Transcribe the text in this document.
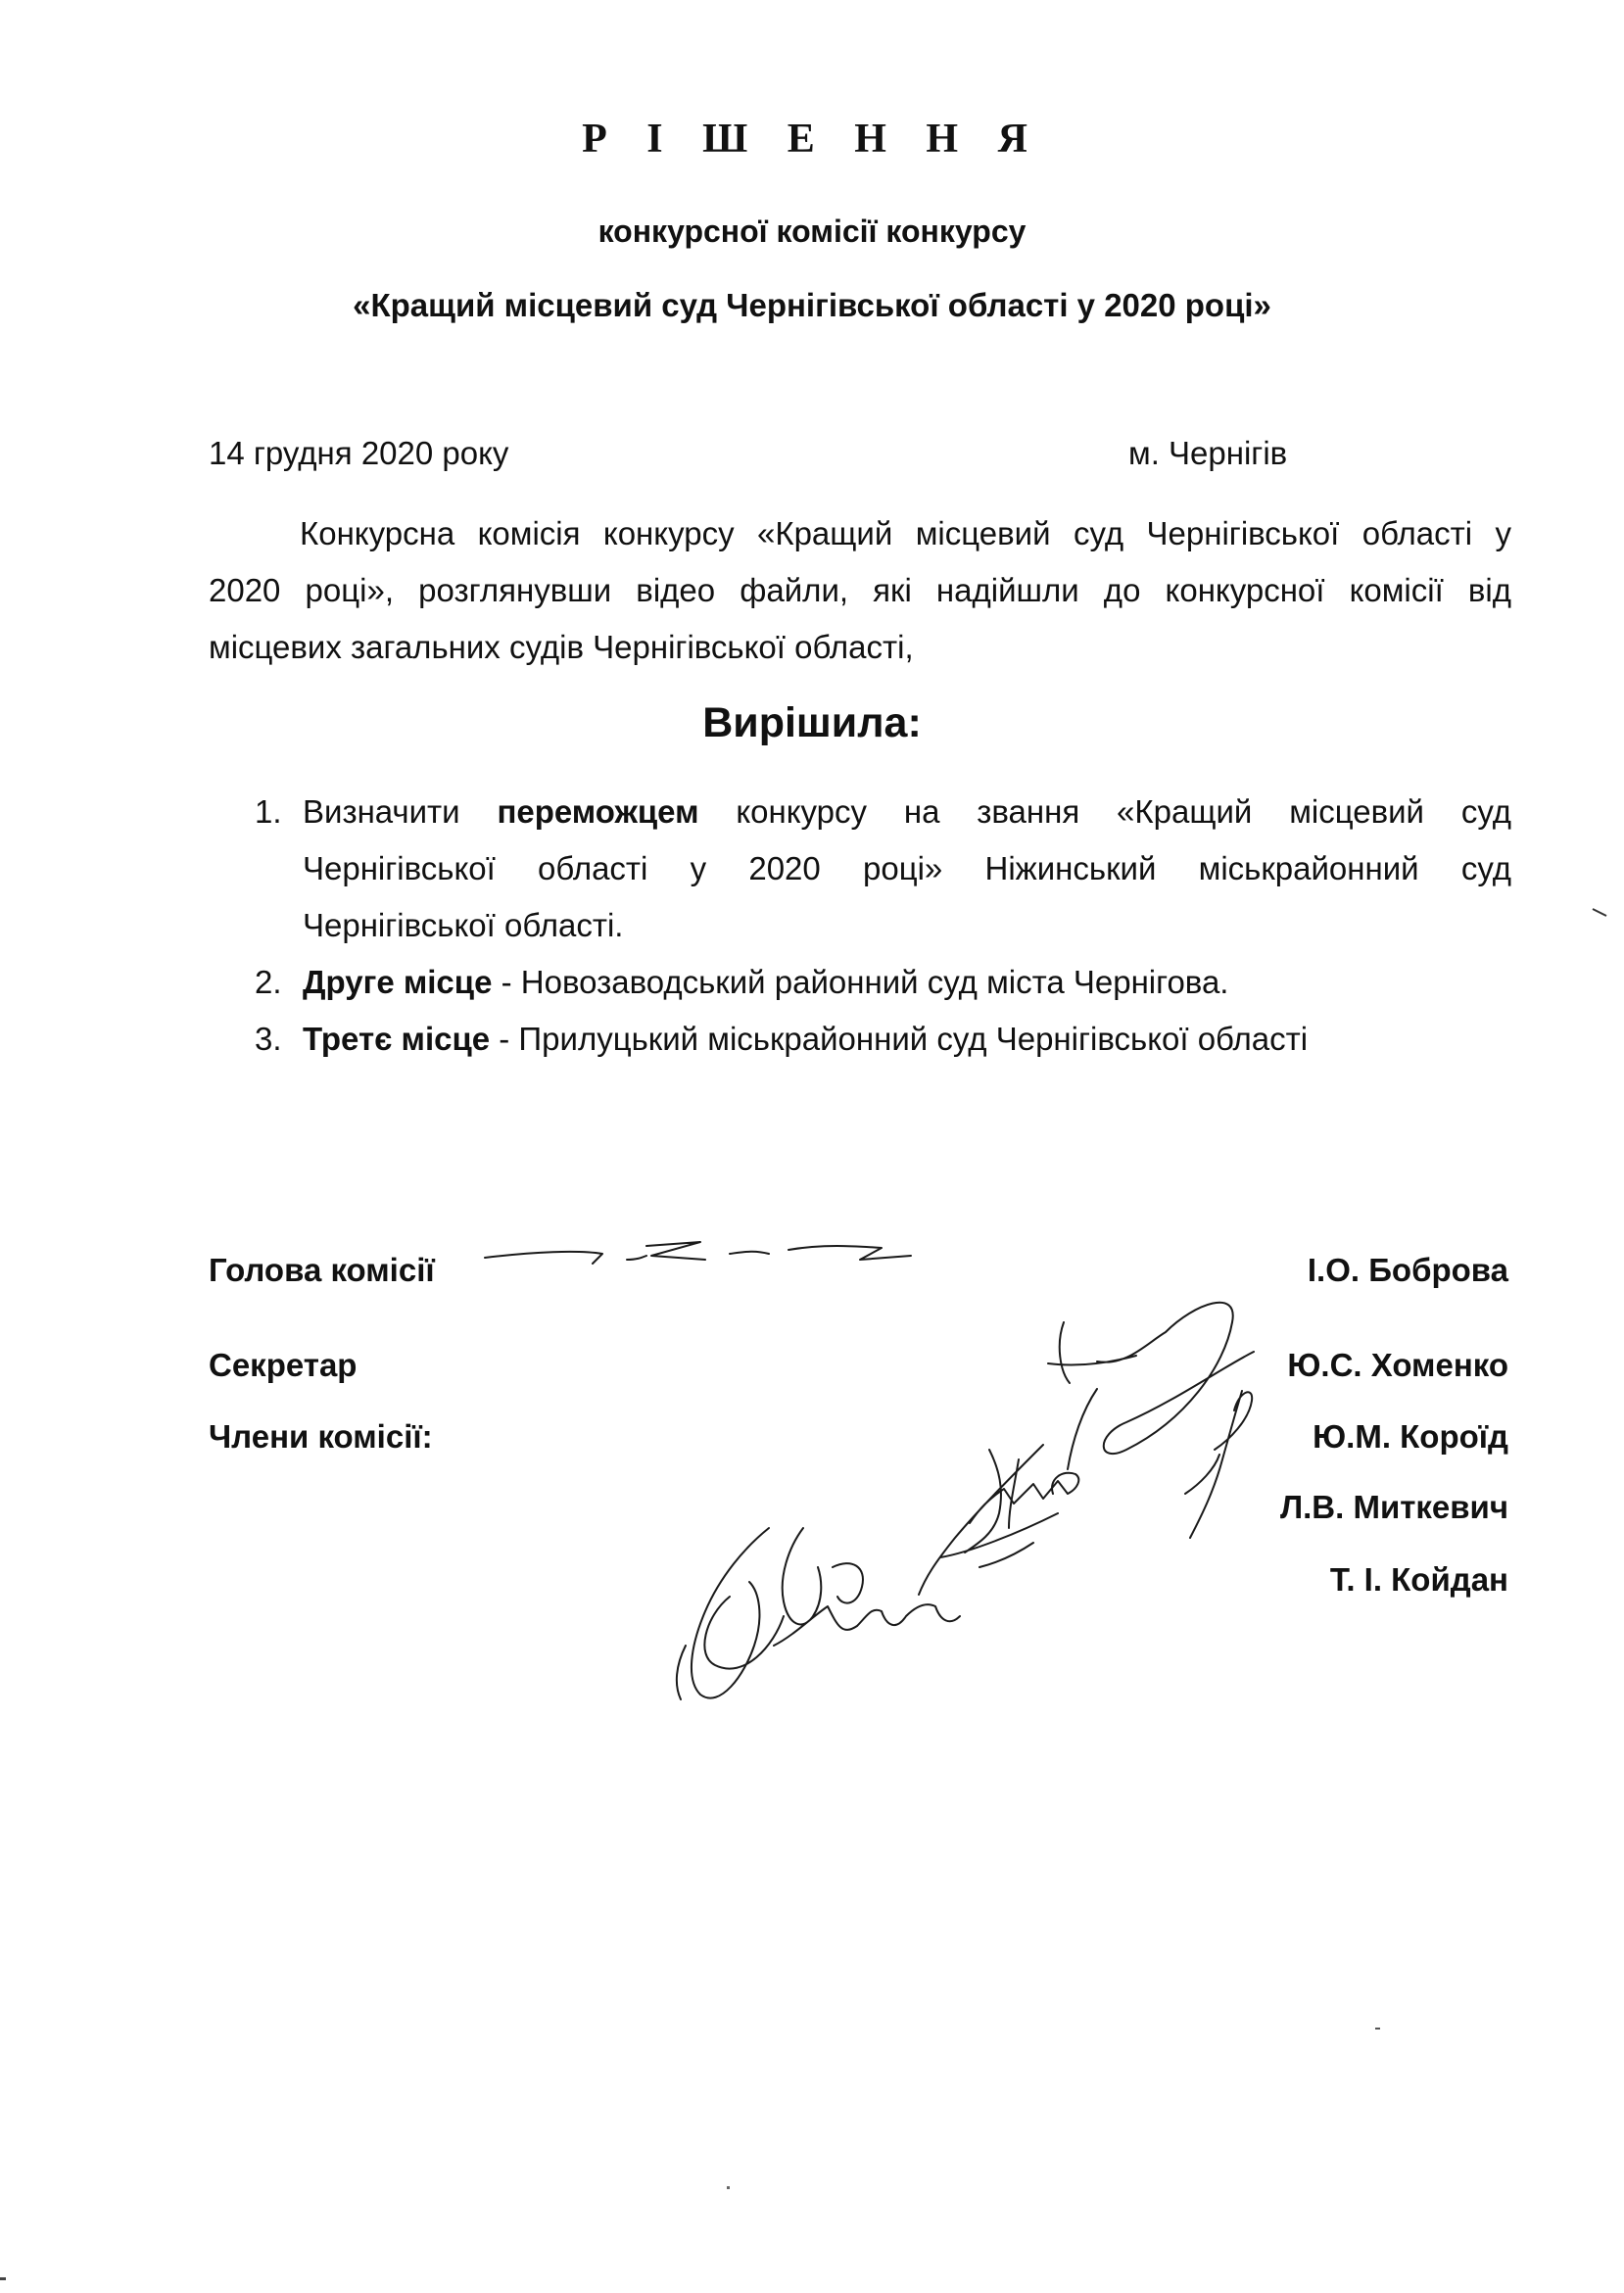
Р І Ш Е Н Н Я
конкурсної комісії конкурсу
«Кращий місцевий суд Чернігівської області у 2020 році»
14 грудня 2020 року	м. Чернігів
Конкурсна комісія конкурсу «Кращий місцевий суд Чернігівської області у
2020 році», розглянувши відео файли, які надійшли до конкурсної комісії від
місцевих загальних судів Чернігівської області,
Вирішила:
1. Визначити переможцем конкурсу на звання «Кращий місцевий суд
Чернігівської області у 2020 році» Ніжинський міськрайонний суд
Чернігівської області.
2. Друге місце - Новозаводський районний суд міста Чернігова.
3. Третє місце - Прилуцький міськрайонний суд Чернігівської області
Голова комісії	І.О. Боброва
Секретар	Ю.С. Хоменко
Члени комісії:	Ю.М. Короїд
Л.В. Миткевич
Т. І. Койдан
